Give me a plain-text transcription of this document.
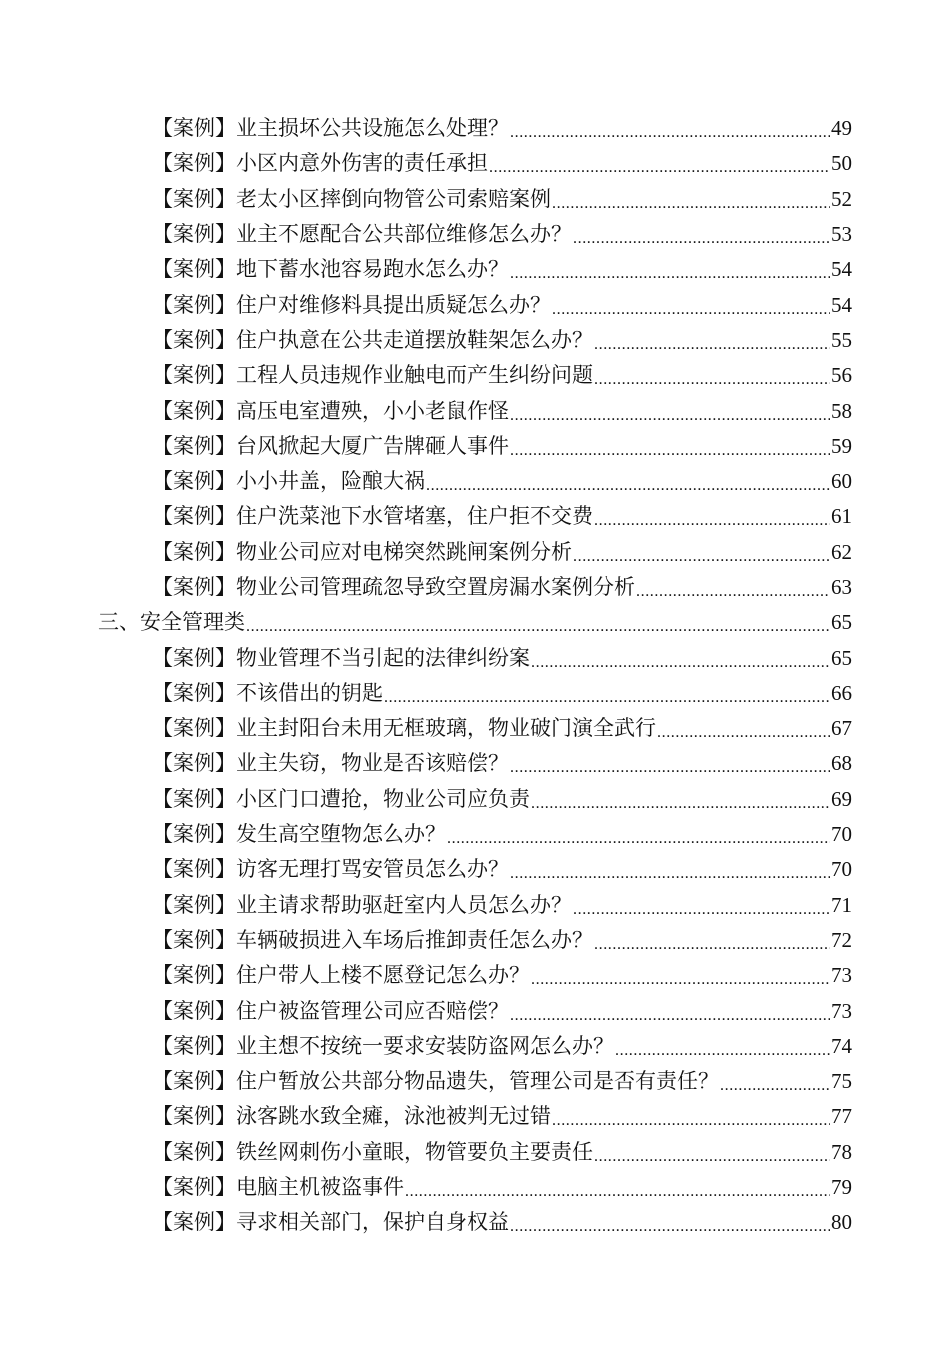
【案例】业主损坏公共设施怎么处理？ .....	49
【案例】小区内意外伤害的责任承担 .....	50
【案例】老太小区摔倒向物管公司索赔案例 .....	52
【案例】业主不愿配合公共部位维修怎么办？ .....	53
【案例】地下蓄水池容易跑水怎么办？ .....	54
【案例】住户对维修料具提出质疑怎么办？ .....	54
【案例】住户执意在公共走道摆放鞋架怎么办？ .....	55
【案例】工程人员违规作业触电而产生纠纷问题 .....	56
【案例】高压电室遭殃，小小老鼠作怪 .....	58
【案例】台风掀起大厦广告牌砸人事件 .....	59
【案例】小小井盖，险酿大祸 .....	60
【案例】住户洗菜池下水管堵塞，住户拒不交费 .....	61
【案例】物业公司应对电梯突然跳闸案例分析 .....	62
【案例】物业公司管理疏忽导致空置房漏水案例分析 .....	63
三、安全管理类 .....	65
【案例】物业管理不当引起的法律纠纷案 .....	65
【案例】不该借出的钥匙 .....	66
【案例】业主封阳台未用无框玻璃，物业破门演全武行 .....	67
【案例】业主失窃，物业是否该赔偿？ .....	68
【案例】小区门口遭抢，物业公司应负责 .....	69
【案例】发生高空堕物怎么办？ .....	70
【案例】访客无理打骂安管员怎么办？ .....	70
【案例】业主请求帮助驱赶室内人员怎么办？ .....	71
【案例】车辆破损进入车场后推卸责任怎么办？ .....	72
【案例】住户带人上楼不愿登记怎么办？ .....	73
【案例】住户被盗管理公司应否赔偿？ .....	73
【案例】业主想不按统一要求安装防盗网怎么办？ .....	74
【案例】住户暂放公共部分物品遗失，管理公司是否有责任？ .....	75
【案例】泳客跳水致全瘫，泳池被判无过错 .....	77
【案例】铁丝网刺伤小童眼，物管要负主要责任 .....	78
【案例】电脑主机被盗事件 .....	79
【案例】寻求相关部门，保护自身权益 .....	80
